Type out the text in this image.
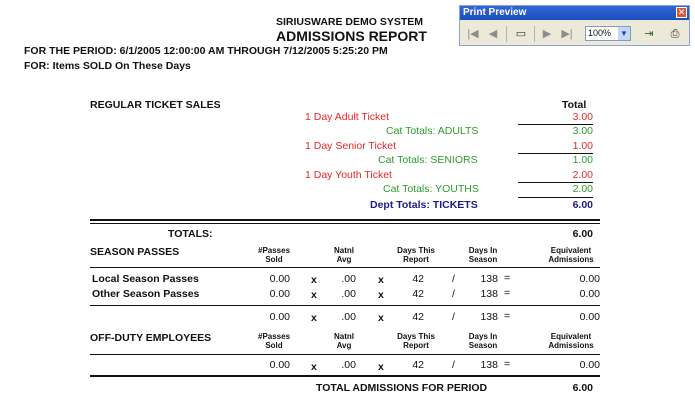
SIRIUSWARE DEMO SYSTEM
ADMISSIONS REPORT
FOR THE PERIOD: 6/1/2005 12:00:00 AM THROUGH 7/12/2005 5:25:20 PM
FOR: Items SOLD On These Days
Print Preview	✕
|◀ ◀	▭	▶ ▶|	100% ▼	⇥	⎙
REGULAR TICKET SALES	Total
1 Day Adult Ticket	3.00
Cat Totals: ADULTS	3.00
1 Day Senior Ticket	1.00
Cat Totals: SENIORS	1.00
1 Day Youth Ticket	2.00
Cat Totals: YOUTHS	2.00
Dept Totals: TICKETS	6.00
TOTALS:	6.00
SEASON PASSES	#Passes
Sold
Natnl
Avg
Days This
Report
Days In
Season
Equivalent
Admissions
Local Season Passes	0.00 x	.00 x	42	/	138 =	0.00
Other Season Passes	0.00 x	.00 x	42	/	138 =	0.00
0.00 x	.00 x	42	/	138 =	0.00
OFF-DUTY EMPLOYEES	#Passes
Sold
Natnl
Avg
Days This
Report
Days In
Season
Equivalent
Admissions
0.00 x	.00 x	42	/	138 =	0.00
TOTAL ADMISSIONS FOR PERIOD	6.00
